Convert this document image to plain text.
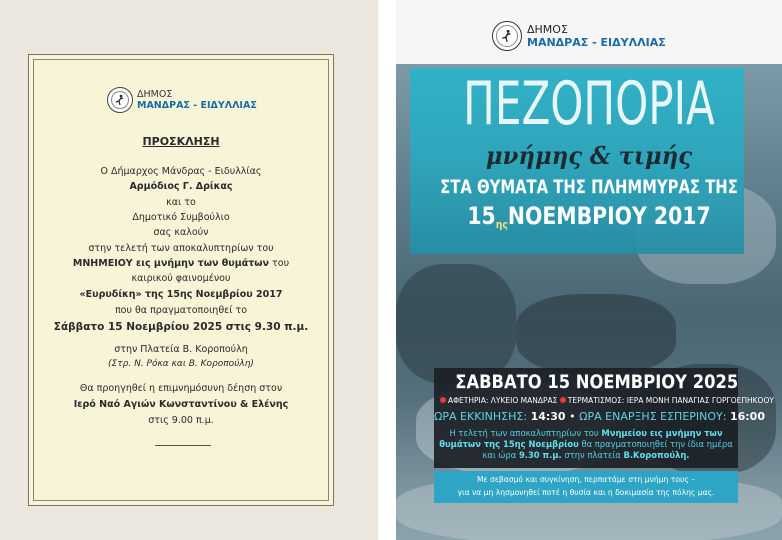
ΔΗΜΟΣ
ΜΑΝΔΡΑΣ - ΕΙΔΥΛΛΙΑΣ
ΠΡΟΣΚΛΗΣΗ
Ο Δήμαρχος Μάνδρας - Ειδυλλίας
Αρμόδιος Γ. Δρίκας
και το
Δημοτικό Συμβούλιο
σας καλούν
στην τελετή των αποκαλυπτηρίων του
ΜΝΗΜΕΙΟΥ εις μνήμην των θυμάτων του
καιρικού φαινομένου
«Ευρυδίκη» της 15ης Νοεμβρίου 2017
που θα πραγματοποιηθεί το
Σάββατο 15 Νοεμβρίου 2025 στις 9.30 π.μ.
στην Πλατεία Β. Κοροπούλη
(Στρ. Ν. Ρόκα και Β. Κοροπούλη)
Θα προηγηθεί η επιμνημόσυνη δέηση στον
Ιερό Ναό Αγιών Κωνσταντίνου & Ελένης
στις 9.00 π.μ.
ΔΗΜΟΣ
ΜΑΝΔΡΑΣ - ΕΙΔΥΛΛΙΑΣ
ΠΕΖΟΠΟΡΙΑ
μνήμης & τιμής
ΣΤΑ ΘΥΜΑΤΑ ΤΗΣ ΠΛΗΜΜΥΡΑΣ ΤΗΣ
$15_{\eta\varsigma}NOEMBPIO\Upsilon$ 2017
ΣΑΒΒΑΤΟ 15 ΝΟΕΜΒΡΙΟΥ 2025
ΑΦΕΤΗΡΙΑ: ΛΥΚΕΙΟ ΜΑΝΔΡΑΣ ΤΕΡΜΑΤΙΣΜΟΣ: ΙΕΡΑ ΜΟΝΗ ΠΑΝΑΓΙΑΣ ΓΟΡΓΟΕΠΗΚΟΟΥ
ΩΡΑ ΕΚΚΙΝΗΣΗΣ: 14:30 • ΩΡΑ ΕΝΑΡΞΗΣ ΕΣΠΕΡΙΝΟΥ: 16:00
Η τελετή των αποκαλυπτηρίων του Μνημείου εις μνήμην των θυμάτων της 15ης Νοεμβρίου θα πραγματοποιηθεί την ίδια ημέρα και ώρα 9.30 π.μ. στην πλατεία Β.Κοροπούλη.
Με σεβασμό και συγκίνηση, περπατάμε στη μνήμη τους –
για να μη λησμονηθεί ποτέ η θυσία και η δοκιμασία της πόλης μας.
